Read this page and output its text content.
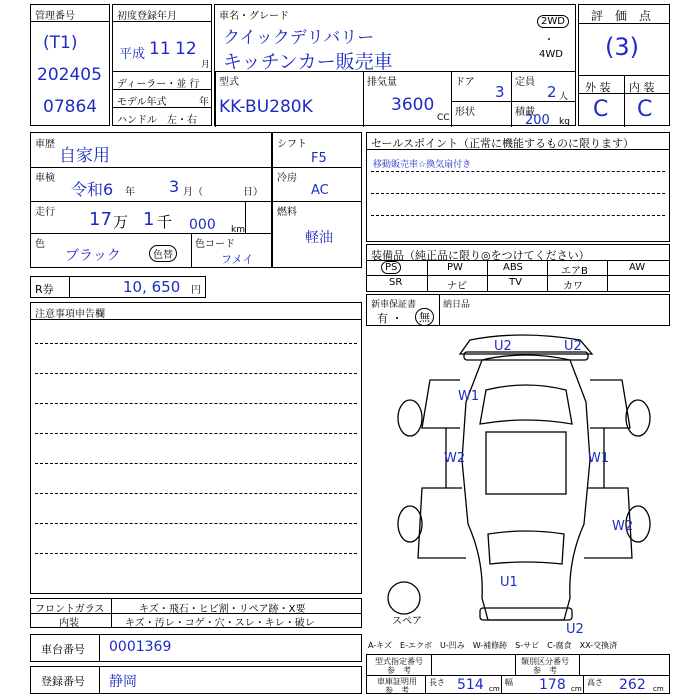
管理番号
(T1)
202405
07864
初度登録年月
平成 11 12
月
ディーラー・並 行
モデル年式	年
ハンドル　左・右
車名・グレード
クイックデリバリー
キッチンカー販売車
2WD
・
4WD
型式
KK-BU280K
排気量
3600
CC
ドア
3
形状
定員
2 人
積載
200 kg
評　価　点
(3)
外 装 内 装
C C
車歴
自家用
車検
令和6 年 3 月（	日）
走行 17 万 1 千 000 km
色
ブラック	色替
色コード
フメイ
シフト
F5
冷房
AC
燃料
軽油
R券	10, 650 円
セールスポイント（正常に機能するものに限ります）
移動販売車☆換気扇付き
装備品（純正品に限り◎をつけてください）
PS	PW	ABS	エアB	AW
SR	ナビ	TV	カワ
新車保証書
有 ・	無
納日品
注意事項申告欄
フロントガラス	キズ・飛石・ヒビ割・リペア跡・X要
内装	キズ・汚レ・コゲ・穴・スレ・キレ・破レ
車台番号 0001369
登録番号 静岡
U2	U2
W1
W2	W1
W2
U1
U2
スペア
A-キズ　E-エクボ　U-凹み　W-補修跡　S-サビ　C-腐食　XX-交換済
型式指定番号
参　考
類別区分番号
参　考
車庫証明用
参　考
長さ 514 cm
幅 178 cm
高さ 262 cm
